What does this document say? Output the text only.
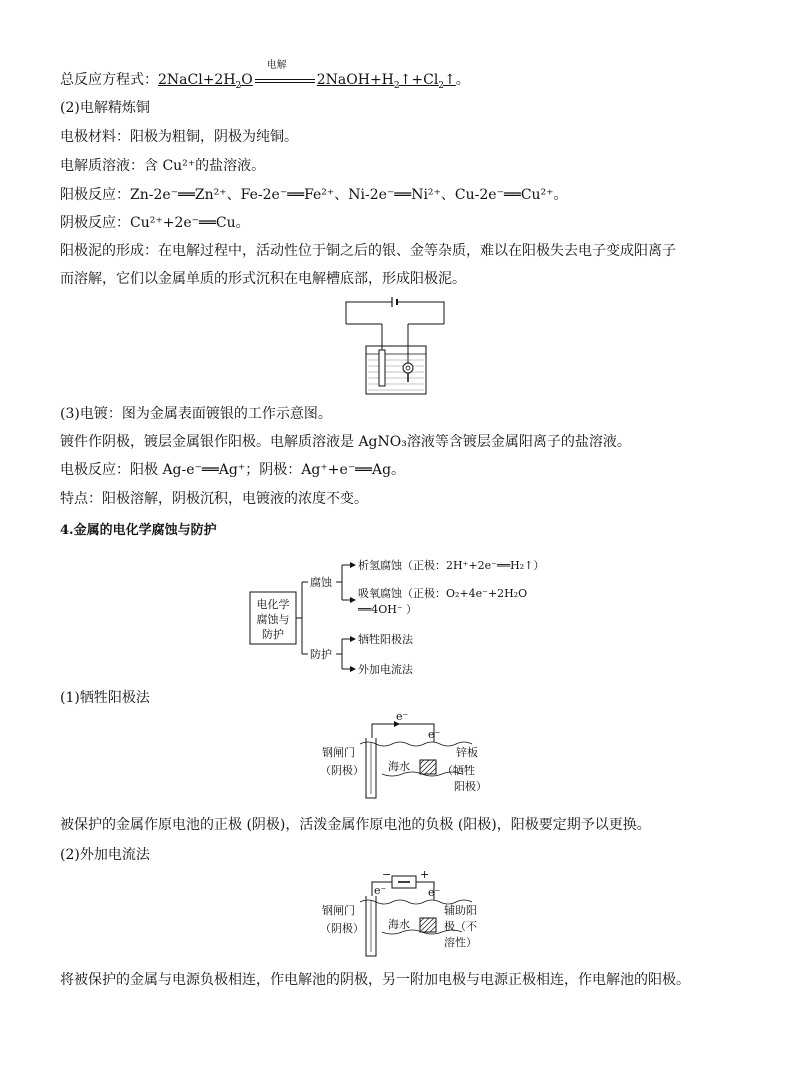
总反应方程式：$2NaCl+2H_2O$
电解
$2NaOH+H_2↑+Cl_2↑$。
(2)电解精炼铜
电极材料：阳极为粗铜，阴极为纯铜。
电解质溶液：含 Cu²⁺的盐溶液。
阳极反应：Zn-2e⁻══Zn²⁺、Fe-2e⁻══Fe²⁺、Ni-2e⁻══Ni²⁺、Cu-2e⁻══Cu²⁺。
阴极反应：Cu²⁺+2e⁻══Cu。
阳极泥的形成：在电解过程中，活动性位于铜之后的银、金等杂质，难以在阳极失去电子变成阳离子
而溶解，它们以金属单质的形式沉积在电解槽底部，形成阳极泥。
(3)电镀：图为金属表面镀银的工作示意图。
镀件作阴极，镀层金属银作阳极。电解质溶液是 AgNO₃溶液等含镀层金属阳离子的盐溶液。
电极反应：阳极 Ag-e⁻══Ag⁺；阴极：Ag⁺+e⁻══Ag。
特点：阳极溶解，阴极沉积，电镀液的浓度不变。
4.金属的电化学腐蚀与防护
电化学
腐蚀与
防护
腐蚀
防护
析氢腐蚀（正极：2H⁺+2e⁻══H₂↑）
吸氧腐蚀（正极：O₂+4e⁻+2H₂O
══4OH⁻ ）
牺牲阳极法
外加电流法
(1)牺牲阳极法
e⁻
e⁻
钢闸门
（阴极） 海水
锌板
（牺牲
阳极）
被保护的金属作原电池的正极 (阴极)，活泼金属作原电池的负极 (阳极)，阳极要定期予以更换。
(2)外加电流法
−	+
e⁻	e⁻
钢闸门
（阴极） 海水
辅助阳
极（不
溶性）
将被保护的金属与电源负极相连，作电解池的阴极，另一附加电极与电源正极相连，作电解池的阳极。
